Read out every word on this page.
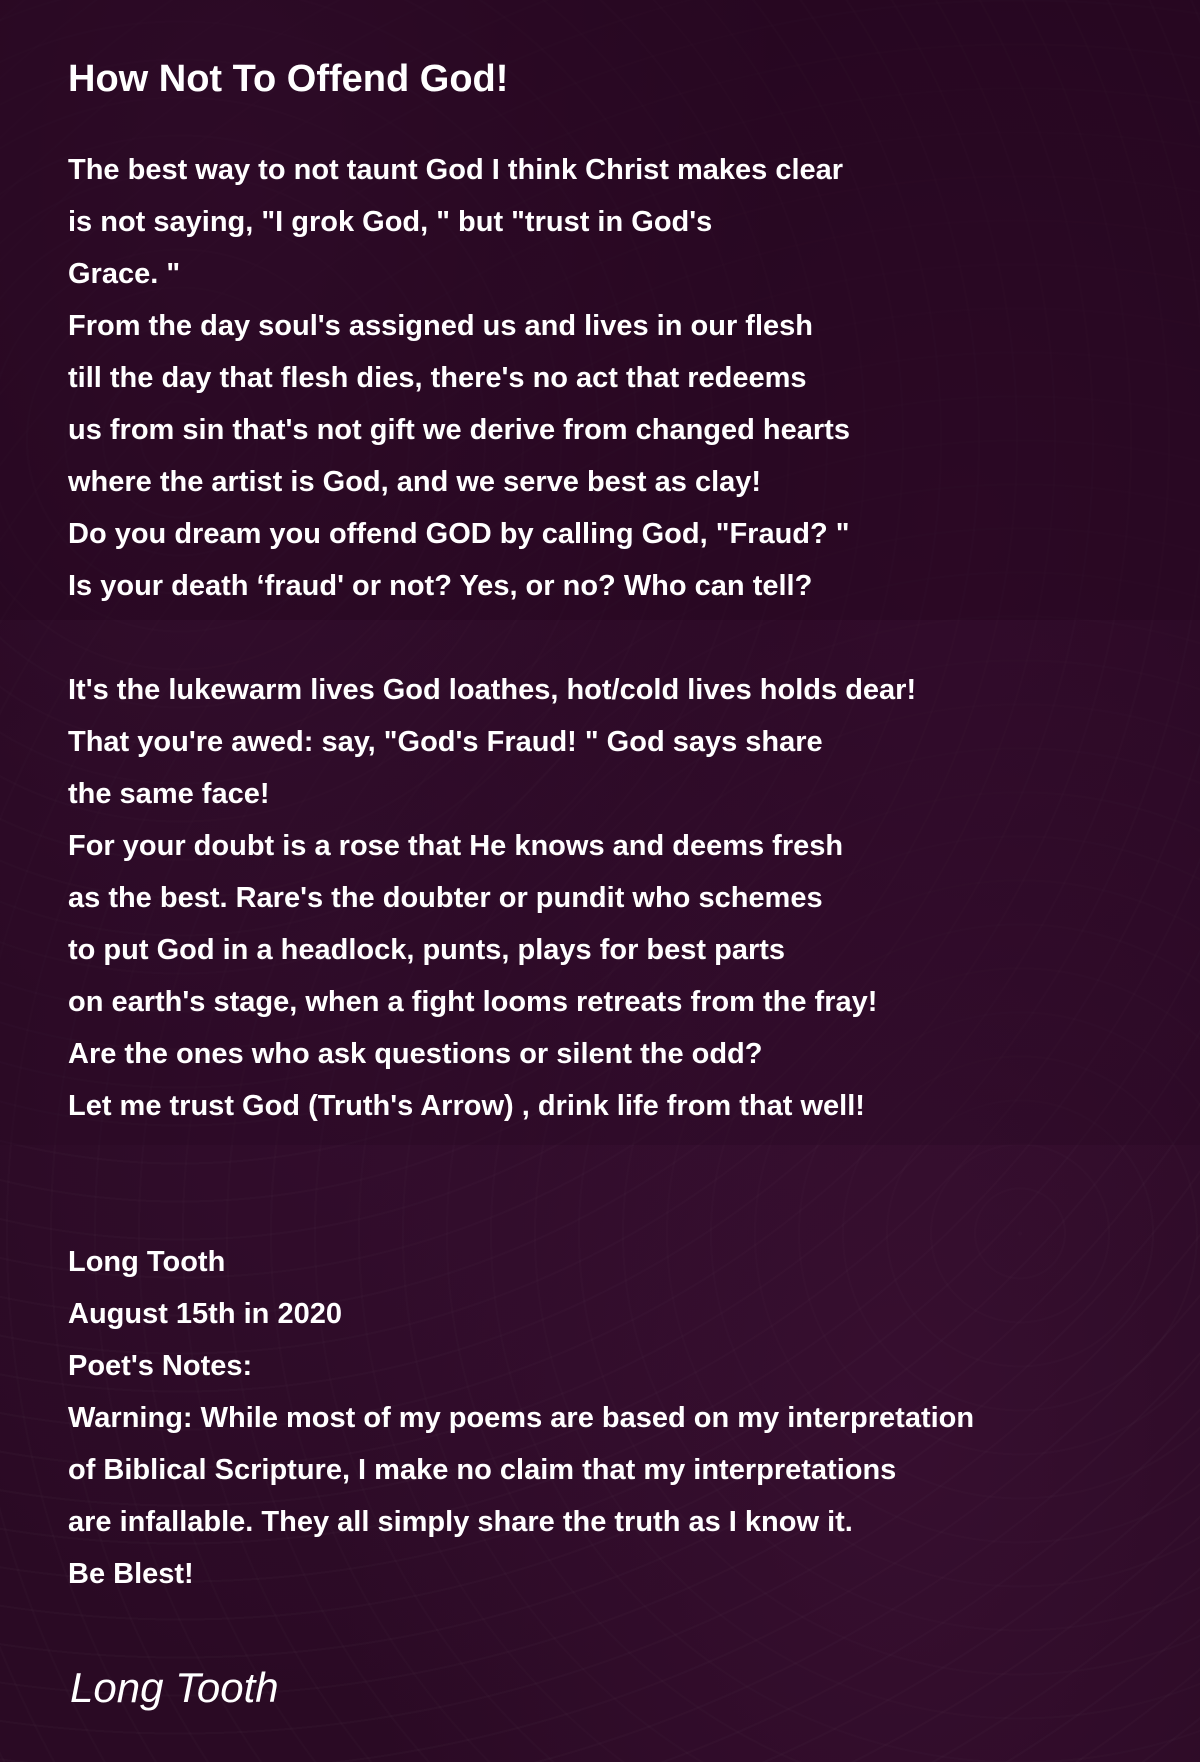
How Not To Offend God!
The best way to not taunt God I think Christ makes clear
is not saying, "I grok God, " but "trust in God's
Grace. "
From the day soul's assigned us and lives in our flesh
till the day that flesh dies, there's no act that redeems
us from sin that's not gift we derive from changed hearts
where the artist is God, and we serve best as clay!
Do you dream you offend GOD by calling God, "Fraud? "
Is your death ‘fraud' or not? Yes, or no? Who can tell?
It's the lukewarm lives God loathes, hot/cold lives holds dear!
That you're awed: say, "God's Fraud! " God says share
the same face!
For your doubt is a rose that He knows and deems fresh
as the best. Rare's the doubter or pundit who schemes
to put God in a headlock, punts, plays for best parts
on earth's stage, when a fight looms retreats from the fray!
Are the ones who ask questions or silent the odd?
Let me trust God (Truth's Arrow) , drink life from that well!
Long Tooth
August 15th in 2020
Poet's Notes:
Warning: While most of my poems are based on my interpretation
of Biblical Scripture, I make no claim that my interpretations
are infallable. They all simply share the truth as I know it.
Be Blest!
Long Tooth
